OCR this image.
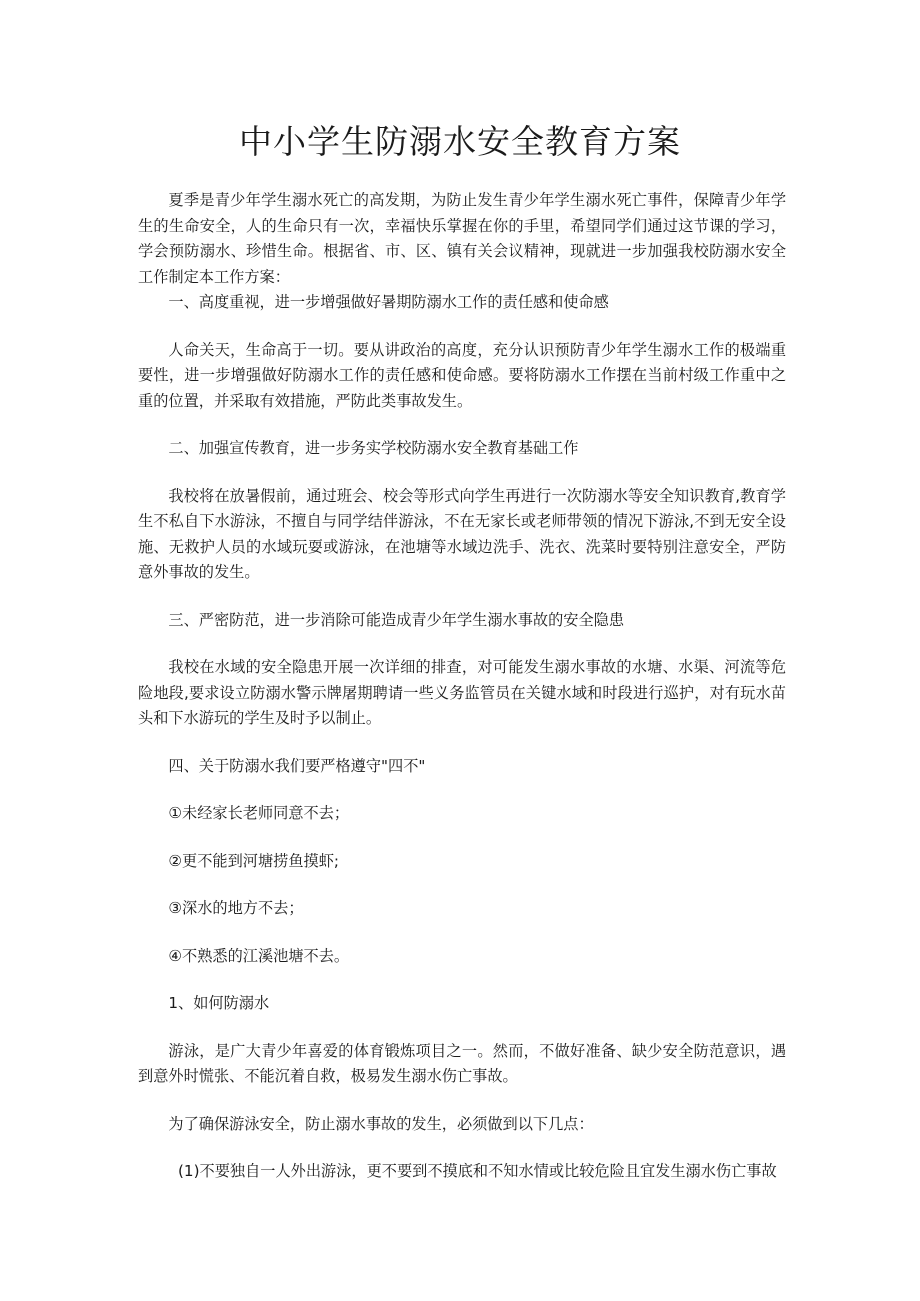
中小学生防溺水安全教育方案

夏季是青少年学生溺水死亡的高发期，为防止发生青少年学生溺水死亡事件，保障青少年学生的生命安全，人的生命只有一次，幸福快乐掌握在你的手里，希望同学们通过这节课的学习，学会预防溺水、珍惜生命。根据省、市、区、镇有关会议精神，现就进一步加强我校防溺水安全工作制定本工作方案：

一、高度重视，进一步增强做好暑期防溺水工作的责任感和使命感

人命关天，生命高于一切。要从讲政治的高度，充分认识预防青少年学生溺水工作的极端重要性，进一步增强做好防溺水工作的责任感和使命感。要将防溺水工作摆在当前村级工作重中之重的位置，并采取有效措施，严防此类事故发生。

二、加强宣传教育，进一步务实学校防溺水安全教育基础工作

我校将在放暑假前，通过班会、校会等形式向学生再进行一次防溺水等安全知识教育,教育学生不私自下水游泳，不擅自与同学结伴游泳，不在无家长或老师带领的情况下游泳,不到无安全设施、无救护人员的水域玩耍或游泳，在池塘等水域边洗手、洗衣、洗菜时要特别注意安全，严防意外事故的发生。

三、严密防范，进一步消除可能造成青少年学生溺水事故的安全隐患

我校在水域的安全隐患开展一次详细的排查，对可能发生溺水事故的水塘、水渠、河流等危险地段,要求设立防溺水警示牌屠期聘请一些义务监管员在关键水域和时段进行巡护，对有玩水苗头和下水游玩的学生及时予以制止。

四、关于防溺水我们要严格遵守"四不"

①未经家长老师同意不去；

②更不能到河塘捞鱼摸虾;

③深水的地方不去；

④不熟悉的江溪池塘不去。

1、如何防溺水

游泳，是广大青少年喜爱的体育锻炼项目之一。然而，不做好准备、缺少安全防范意识，遇到意外时慌张、不能沉着自救，极易发生溺水伤亡事故。

为了确保游泳安全，防止溺水事故的发生，必须做到以下几点：

(1)不要独自一人外出游泳，更不要到不摸底和不知水情或比较危险且宜发生溺水伤亡事故
